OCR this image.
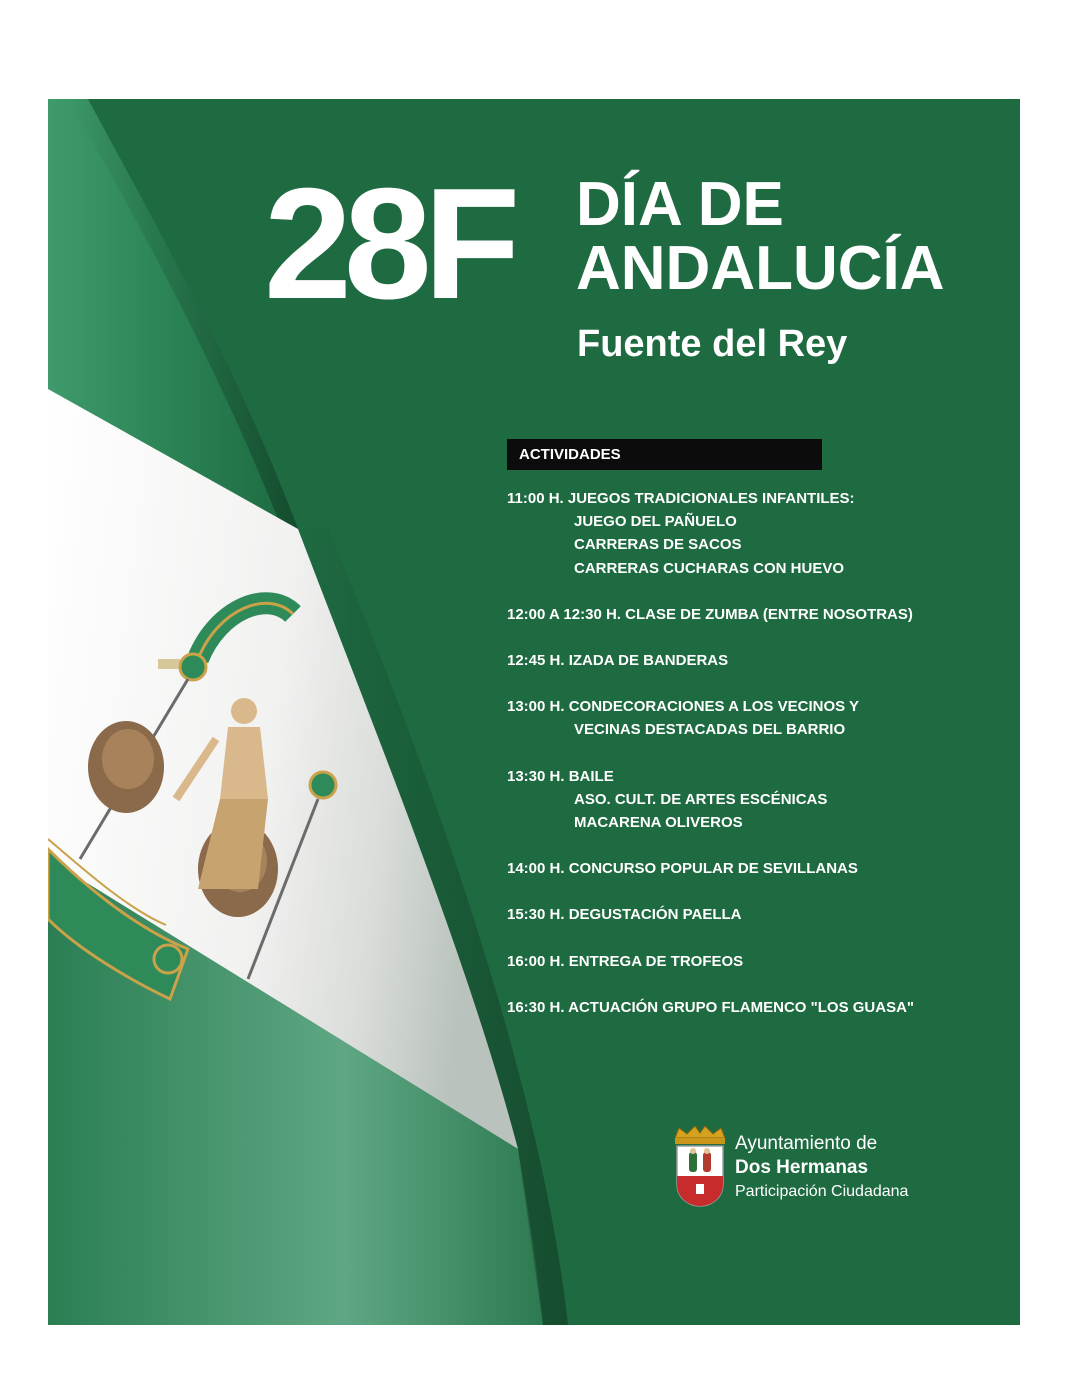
28F DÍA DE
ANDALUCÍA
Fuente del Rey
ACTIVIDADES
11:00 H. JUEGOS TRADICIONALES INFANTILES:
JUEGO DEL PAÑUELO
CARRERAS DE SACOS
CARRERAS CUCHARAS CON HUEVO
12:00 A 12:30 H. CLASE DE ZUMBA (ENTRE NOSOTRAS)
12:45 H. IZADA DE BANDERAS
13:00 H. CONDECORACIONES A LOS VECINOS Y
VECINAS DESTACADAS DEL BARRIO
13:30 H. BAILE
ASO. CULT. DE ARTES ESCÉNICAS
MACARENA OLIVEROS
14:00 H. CONCURSO POPULAR DE SEVILLANAS
15:30 H. DEGUSTACIÓN PAELLA
16:00 H. ENTREGA DE TROFEOS
16:30 H. ACTUACIÓN GRUPO FLAMENCO "LOS GUASA"
Ayuntamiento de
Dos Hermanas
Participación Ciudadana
